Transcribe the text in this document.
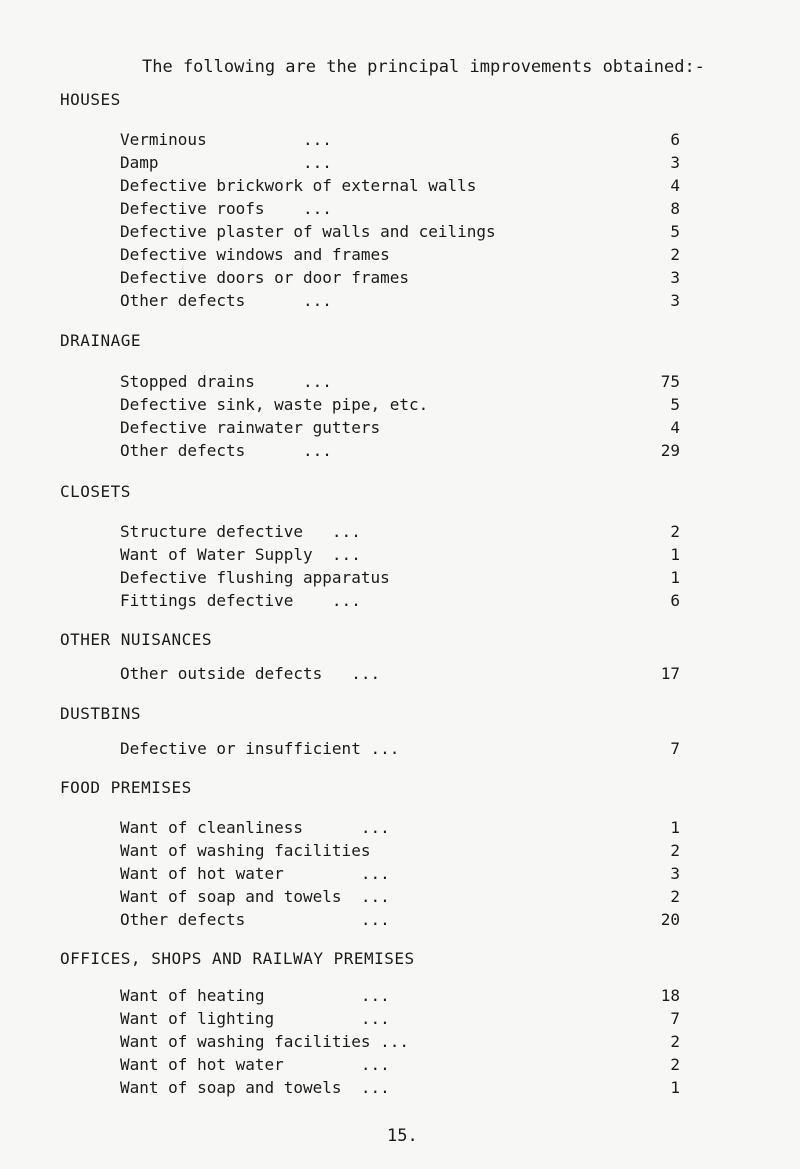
The following are the principal improvements obtained:-
HOUSES
Verminous          ...	6
Damp               ...	3
Defective brickwork of external walls	4
Defective roofs    ...	8
Defective plaster of walls and ceilings	5
Defective windows and frames	2
Defective doors or door frames	3
Other defects      ...	3
DRAINAGE
Stopped drains     ...	75
Defective sink, waste pipe, etc.	5
Defective rainwater gutters	4
Other defects      ...	29
CLOSETS
Structure defective   ...	2
Want of Water Supply  ...	1
Defective flushing apparatus	1
Fittings defective    ...	6
OTHER NUISANCES
Other outside defects   ...	17
DUSTBINS
Defective or insufficient ...	7
FOOD PREMISES
Want of cleanliness      ...	1
Want of washing facilities	2
Want of hot water        ...	3
Want of soap and towels  ...	2
Other defects            ...	20
OFFICES, SHOPS AND RAILWAY PREMISES
Want of heating          ...	18
Want of lighting         ...	7
Want of washing facilities ...	2
Want of hot water        ...	2
Want of soap and towels  ...	1
15.
